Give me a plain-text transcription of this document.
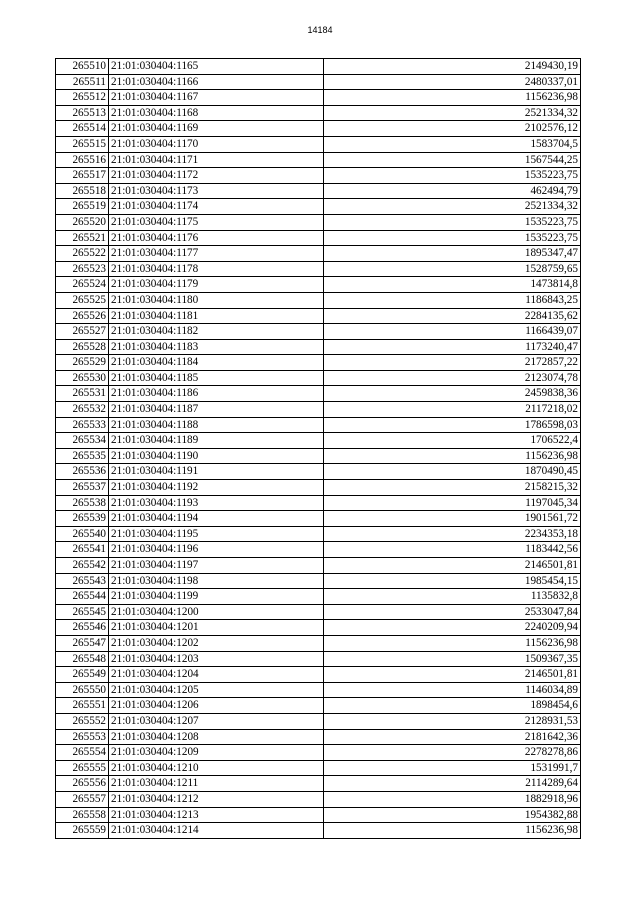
14184
265510	21:01:030404:1165	2149430,19
265511	21:01:030404:1166	2480337,01
265512	21:01:030404:1167	1156236,98
265513	21:01:030404:1168	2521334,32
265514	21:01:030404:1169	2102576,12
265515	21:01:030404:1170	1583704,5
265516	21:01:030404:1171	1567544,25
265517	21:01:030404:1172	1535223,75
265518	21:01:030404:1173	462494,79
265519	21:01:030404:1174	2521334,32
265520	21:01:030404:1175	1535223,75
265521	21:01:030404:1176	1535223,75
265522	21:01:030404:1177	1895347,47
265523	21:01:030404:1178	1528759,65
265524	21:01:030404:1179	1473814,8
265525	21:01:030404:1180	1186843,25
265526	21:01:030404:1181	2284135,62
265527	21:01:030404:1182	1166439,07
265528	21:01:030404:1183	1173240,47
265529	21:01:030404:1184	2172857,22
265530	21:01:030404:1185	2123074,78
265531	21:01:030404:1186	2459838,36
265532	21:01:030404:1187	2117218,02
265533	21:01:030404:1188	1786598,03
265534	21:01:030404:1189	1706522,4
265535	21:01:030404:1190	1156236,98
265536	21:01:030404:1191	1870490,45
265537	21:01:030404:1192	2158215,32
265538	21:01:030404:1193	1197045,34
265539	21:01:030404:1194	1901561,72
265540	21:01:030404:1195	2234353,18
265541	21:01:030404:1196	1183442,56
265542	21:01:030404:1197	2146501,81
265543	21:01:030404:1198	1985454,15
265544	21:01:030404:1199	1135832,8
265545	21:01:030404:1200	2533047,84
265546	21:01:030404:1201	2240209,94
265547	21:01:030404:1202	1156236,98
265548	21:01:030404:1203	1509367,35
265549	21:01:030404:1204	2146501,81
265550	21:01:030404:1205	1146034,89
265551	21:01:030404:1206	1898454,6
265552	21:01:030404:1207	2128931,53
265553	21:01:030404:1208	2181642,36
265554	21:01:030404:1209	2278278,86
265555	21:01:030404:1210	1531991,7
265556	21:01:030404:1211	2114289,64
265557	21:01:030404:1212	1882918,96
265558	21:01:030404:1213	1954382,88
265559	21:01:030404:1214	1156236,98
